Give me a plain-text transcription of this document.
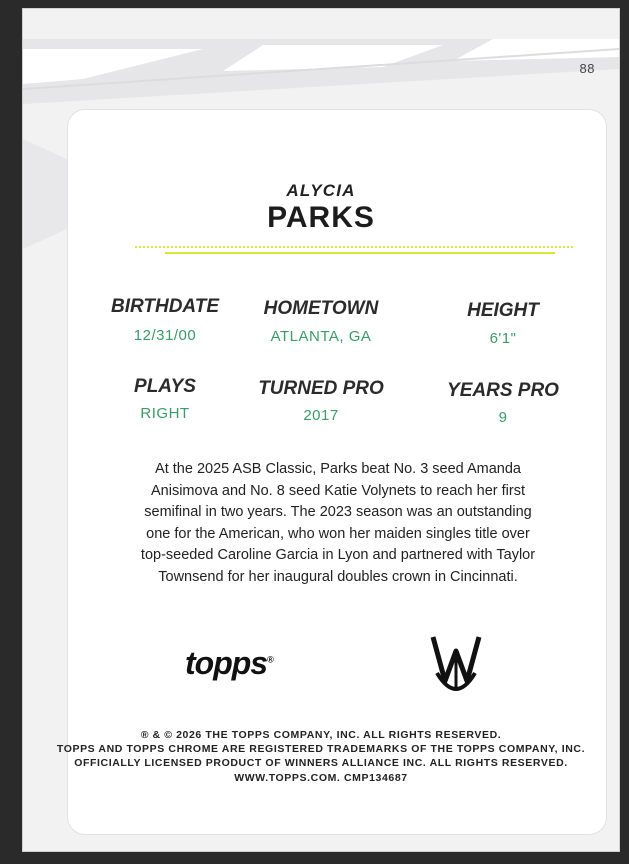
88
ALYCIA
PARKS
BIRTHDATE
12/31/00
HOMETOWN
ATLANTA, GA
HEIGHT
6'1"
PLAYS
RIGHT
TURNED PRO
2017
YEARS PRO
9
At the 2025 ASB Classic, Parks beat No. 3 seed Amanda
Anisimova and No. 8 seed Katie Volynets to reach her first
semifinal in two years. The 2023 season was an outstanding
one for the American, who won her maiden singles title over
top-seeded Caroline Garcia in Lyon and partnered with Taylor
Townsend for her inaugural doubles crown in Cincinnati.
topps®
® & © 2026 THE TOPPS COMPANY, INC. ALL RIGHTS RESERVED.
TOPPS AND TOPPS CHROME ARE REGISTERED TRADEMARKS OF THE TOPPS COMPANY, INC.
OFFICIALLY LICENSED PRODUCT OF WINNERS ALLIANCE INC. ALL RIGHTS RESERVED.
WWW.TOPPS.COM. CMP134687
